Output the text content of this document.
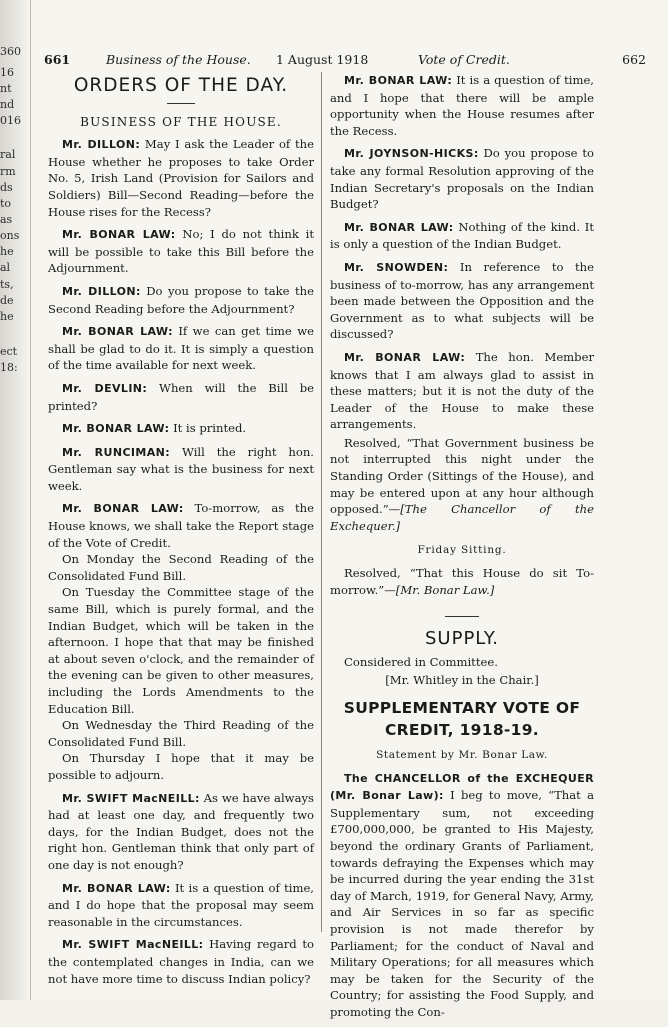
360
16
nt
nd
016
ral
rm
ds
to
as
ons
he
al
ts,
de
he
ect
18:
661	Business of the House. 1 August 1918	Vote of Credit.	662
ORDERS OF THE DAY.
BUSINESS OF THE HOUSE.

Mr. DILLON: May I ask the Leader of the House whether he proposes to take Order No. 5, Irish Land (Provision for Sailors and Soldiers) Bill—Second Reading—before the House rises for the Recess?

Mr. BONAR LAW: No; I do not think it will be possible to take this Bill before the Adjournment.

Mr. DILLON: Do you propose to take the Second Reading before the Adjournment?

Mr. BONAR LAW: If we can get time we shall be glad to do it. It is simply a question of the time available for next week.

Mr. DEVLIN: When will the Bill be printed?

Mr. BONAR LAW: It is printed.

Mr. RUNCIMAN: Will the right hon. Gentleman say what is the business for next week.

Mr. BONAR LAW: To-morrow, as the House knows, we shall take the Report stage of the Vote of Credit.

On Monday the Second Reading of the Consolidated Fund Bill.

On Tuesday the Committee stage of the same Bill, which is purely formal, and the Indian Budget, which will be taken in the afternoon. I hope that that may be finished at about seven o'clock, and the remainder of the evening can be given to other measures, including the Lords Amendments to the Education Bill.

On Wednesday the Third Reading of the Consolidated Fund Bill.

On Thursday I hope that it may be possible to adjourn.

Mr. SWIFT MacNEILL: As we have always had at least one day, and frequently two days, for the Indian Budget, does not the right hon. Gentleman think that only part of one day is not enough?

Mr. BONAR LAW: It is a question of time, and I do hope that the proposal may seem reasonable in the circumstances.

Mr. SWIFT MacNEILL: Having regard to the contemplated changes in India, can we not have more time to discuss Indian policy?

Mr. BONAR LAW: It is a question of time, and I hope that there will be ample opportunity when the House resumes after the Recess.

Mr. JOYNSON-HICKS: Do you propose to take any formal Resolution approving of the Indian Secretary's proposals on the Indian Budget?

Mr. BONAR LAW: Nothing of the kind. It is only a question of the Indian Budget.

Mr. SNOWDEN: In reference to the business of to-morrow, has any arrangement been made between the Opposition and the Government as to what subjects will be discussed?

Mr. BONAR LAW: The hon. Member knows that I am always glad to assist in these matters; but it is not the duty of the Leader of the House to make these arrangements.

Resolved, “That Government business be not interrupted this night under the Standing Order (Sittings of the House), and may be entered upon at any hour although opposed.”—[The Chancellor of the Exchequer.]

Friday Sitting.

Resolved, “That this House do sit To-morrow.”—[Mr. Bonar Law.]

SUPPLY.

Considered in Committee.

[Mr. Whitley in the Chair.]
SUPPLEMENTARY VOTE OF
CREDIT, 1918-19.
Statement by Mr. Bonar Law.

The CHANCELLOR of the EXCHEQUER (Mr. Bonar Law): I beg to move, “That a Supplementary sum, not exceeding £700,000,000, be granted to His Majesty, beyond the ordinary Grants of Parliament, towards defraying the Expenses which may be incurred during the year ending the 31st day of March, 1919, for General Navy, Army, and Air Services in so far as specific provision is not made therefor by Parliament; for the conduct of Naval and Military Operations; for all measures which may be taken for the Security of the Country; for assisting the Food Supply, and promoting the Con-
